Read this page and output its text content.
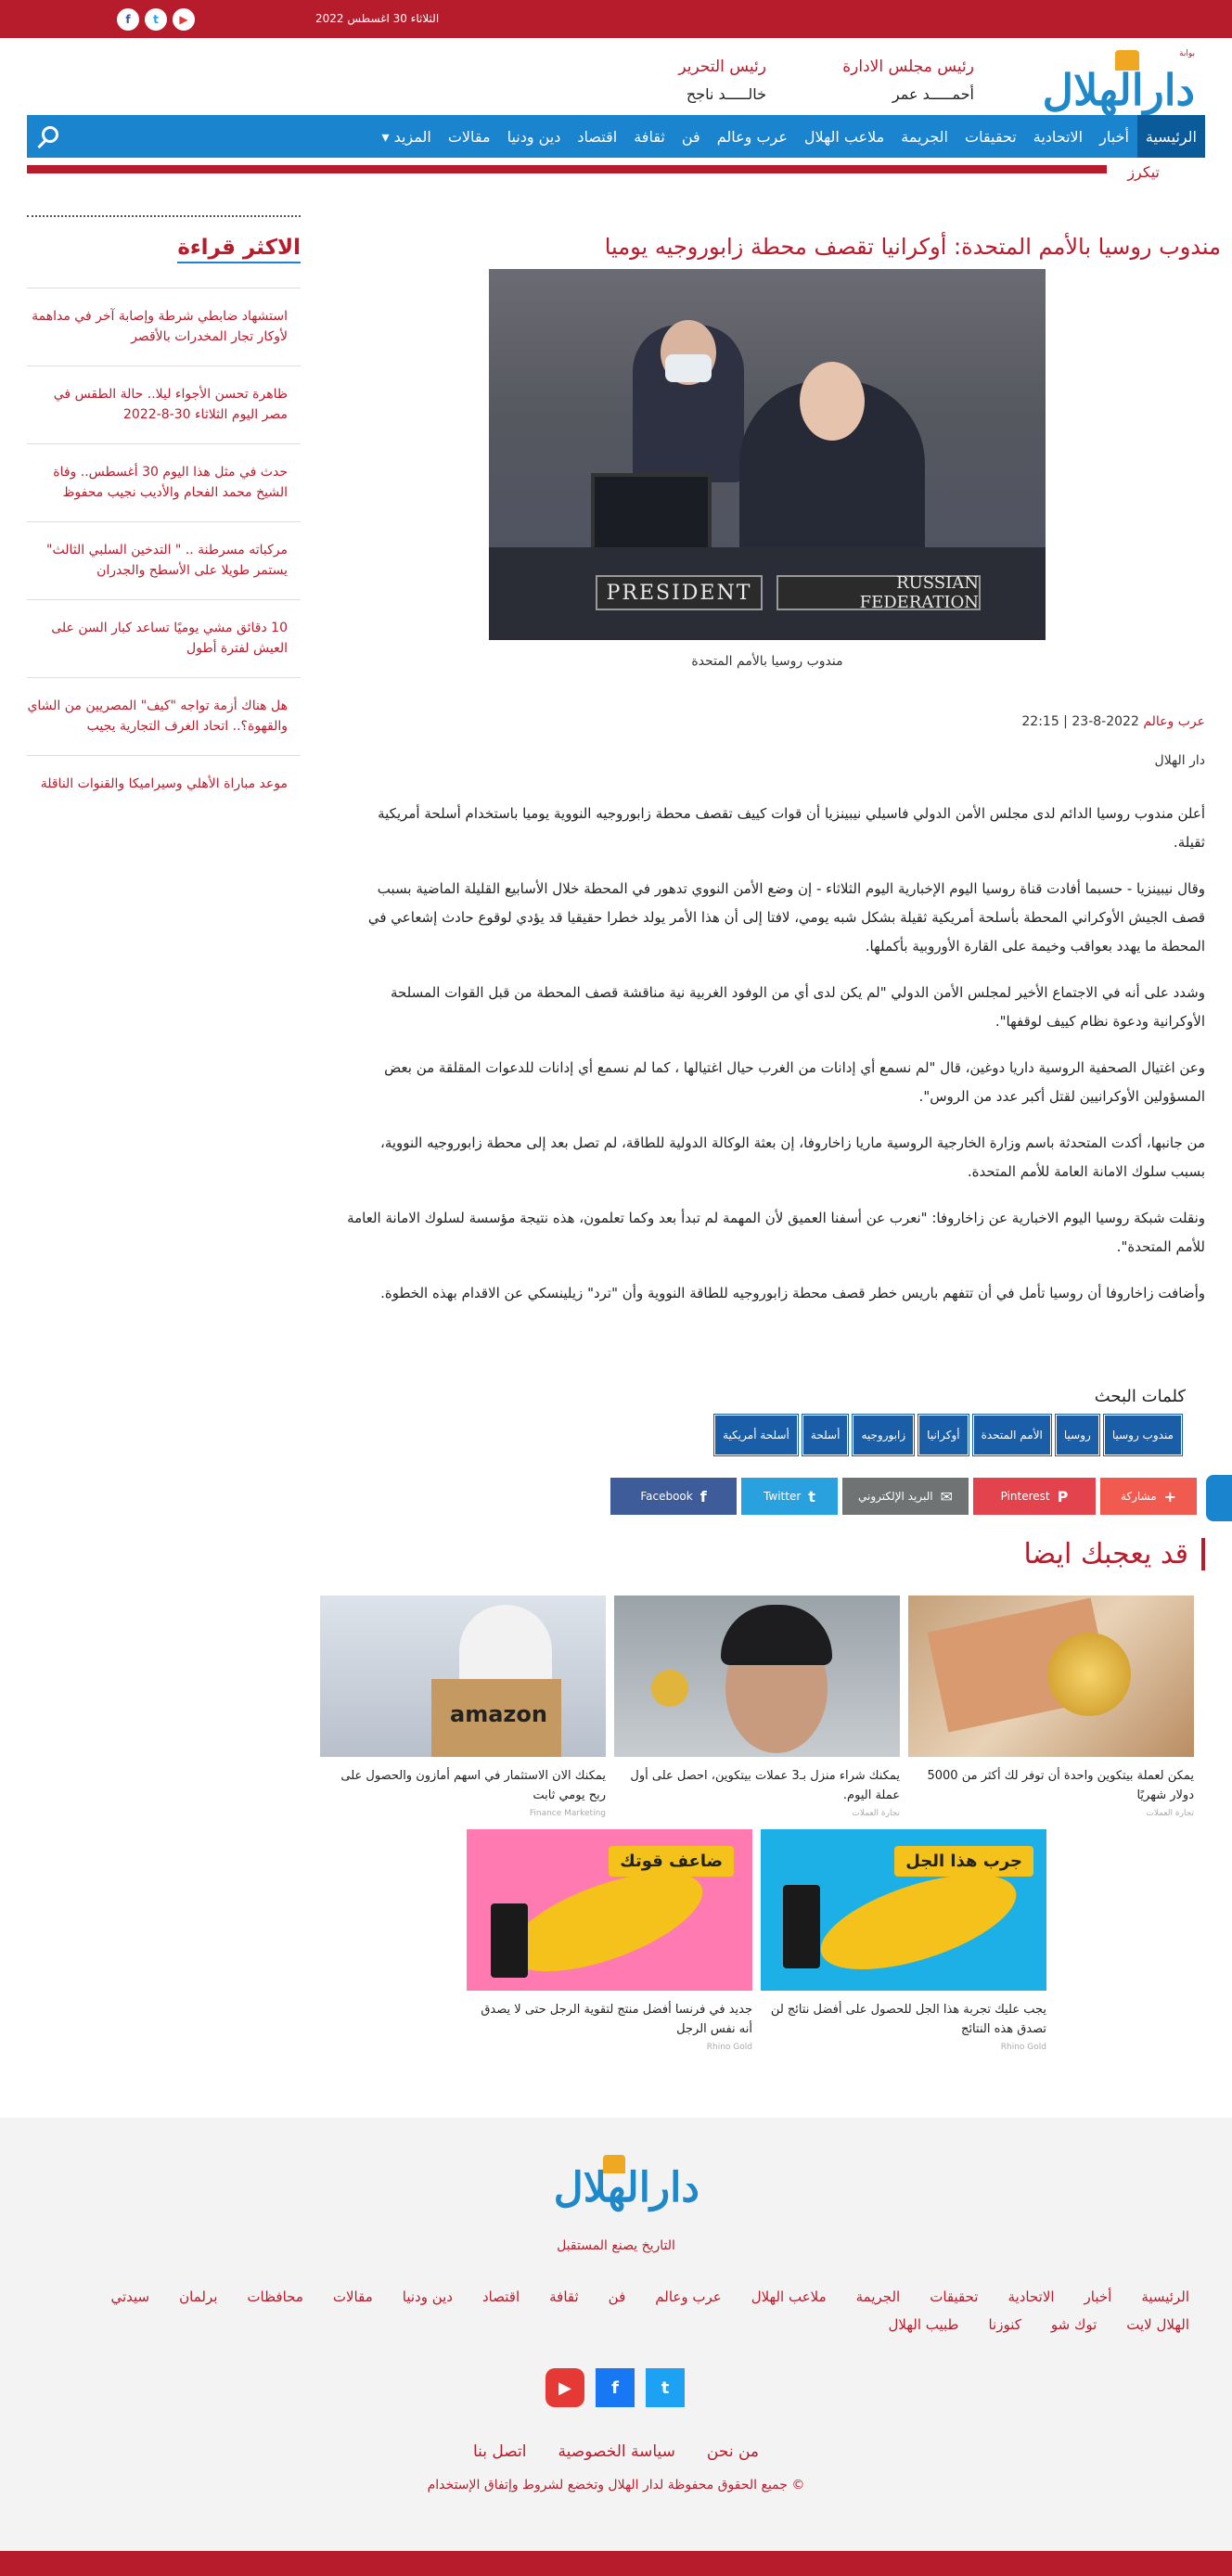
الثلاثاء 30 اغسطس 2022
f	t	▶
بوابة
دارالهلال
رئيس مجلس الادارة
أحمـــــد عمر
رئيس التحرير
خالـــــد ناجح
الرئيسية
أخبار
الاتحادية
تحقيقات
الجريمة
ملاعب الهلال
عرب وعالم
فن
ثقافة
اقتصاد
دين ودنيا
مقالات
المزيد ▾
تيكرز
الاكثر قراءة
استشهاد ضابطي شرطة وإصابة آخر في مداهمة لأوكار تجار المخدرات بالأقصر
ظاهرة تحسن الأجواء ليلا.. حالة الطقس في مصر اليوم الثلاثاء 30-8-2022
حدث في مثل هذا اليوم 30 أغسطس.. وفاة الشيخ محمد الفحام والأديب نجيب محفوظ
مركباته مسرطنة .. " التدخين السلبي الثالث" يستمر طويلا على الأسطح والجدران
10 دقائق مشي يوميًا تساعد كبار السن على العيش لفترة أطول
هل هناك أزمة تواجه "كيف" المصريين من الشاي والقهوة؟.. اتحاد الغرف التجارية يجيب
موعد مباراة الأهلي وسيراميكا والقنوات الناقلة
مندوب روسيا بالأمم المتحدة: أوكرانيا تقصف محطة زابوروجيه يوميا
PRESIDENT	RUSSIAN FEDERATION
مندوب روسيا بالأمم المتحدة
عرب وعالم 2022-8-23 | 22:15
دار الهلال

أعلن مندوب روسيا الدائم لدى مجلس الأمن الدولي فاسيلي نيبينزيا أن قوات كييف تقصف محطة زابوروجيه النووية يوميا باستخدام أسلحة أمريكية ثقيلة.

وقال نيبينزيا - حسبما أفادت قناة روسيا اليوم الإخبارية اليوم الثلاثاء - إن وضع الأمن النووي تدهور في المحطة خلال الأسابيع القليلة الماضية بسبب قصف الجيش الأوكراني المحطة بأسلحة أمريكية ثقيلة بشكل شبه يومي، لافتا إلى أن هذا الأمر يولد خطرا حقيقيا قد يؤدي لوقوع حادث إشعاعي في المحطة ما يهدد بعواقب وخيمة على القارة الأوروبية بأكملها.

وشدد على أنه في الاجتماع الأخير لمجلس الأمن الدولي "لم يكن لدى أي من الوفود الغربية نية مناقشة قصف المحطة من قبل القوات المسلحة الأوكرانية ودعوة نظام كييف لوقفها".

وعن اغتيال الصحفية الروسية داريا دوغين، قال "لم نسمع أي إدانات من الغرب حيال اغتيالها ، كما لم نسمع أي إدانات للدعوات المقلقة من بعض المسؤولين الأوكرانيين لقتل أكبر عدد من الروس".

من جانبها، أكدت المتحدثة باسم وزارة الخارجية الروسية ماريا زاخاروفا، إن بعثة الوكالة الدولية للطاقة، لم تصل بعد إلى محطة زابوروجيه النووية، بسبب سلوك الامانة العامة للأمم المتحدة.

ونقلت شبكة روسيا اليوم الاخبارية عن زاخاروفا: "نعرب عن أسفنا العميق لأن المهمة لم تبدأ بعد وكما تعلمون، هذه نتيجة مؤسسة لسلوك الامانة العامة للأمم المتحدة".

وأضافت زاخاروفا أن روسيا تأمل في أن تتفهم باريس خطر قصف محطة زابوروجيه للطاقة النووية وأن "ترد" زيلينسكي عن الاقدام بهذه الخطوة.

كلمات البحث
مندوب روسيا
روسيا
الأمم المتحدة
أوكرانيا
زابوروجيه
أسلحة
أسلحة أمريكية
+
مشاركة
P
Pinterest
✉
البريد الإلكتروني
t
Twitter
f
Facebook
قد يعجبك ايضا
يمكن لعملة بيتكوين واحدة أن توفر لك أكثر من 5000 دولار شهريًا
تجارة العملات
يمكنك شراء منزل بـ3 عملات بيتكوين، احصل على أول عملة اليوم.
تجارة العملات
amazon
يمكنك الان الاستثمار في اسهم أمازون والحصول على ربح يومي ثابت
Finance Marketing
جرب هذا الجل
يجب عليك تجربة هذا الجل للحصول على أفضل نتائج لن تصدق هذه النتائج
Rhino Gold
ضاعف قوتك
جديد في فرنسا أفضل منتج لتقوية الرجل حتى لا يصدق أنه نفس الرجل
Rhino Gold
دارالهلال
التاريخ يصنع المستقبل
الرئيسية
أخبار
الاتحادية
تحقيقات
الجريمة
ملاعب الهلال
عرب وعالم
فن
ثقافة
اقتصاد
دين ودنيا
مقالات
محافظات
برلمان
سيدتي
الهلال لايت
توك شو
كنوزنا
طبيب الهلال
▶	f	t
من نحن
سياسة الخصوصية
اتصل بنا
© جميع الحقوق محفوظة لدار الهلال وتخضع لشروط وإتفاق الإستخدام
